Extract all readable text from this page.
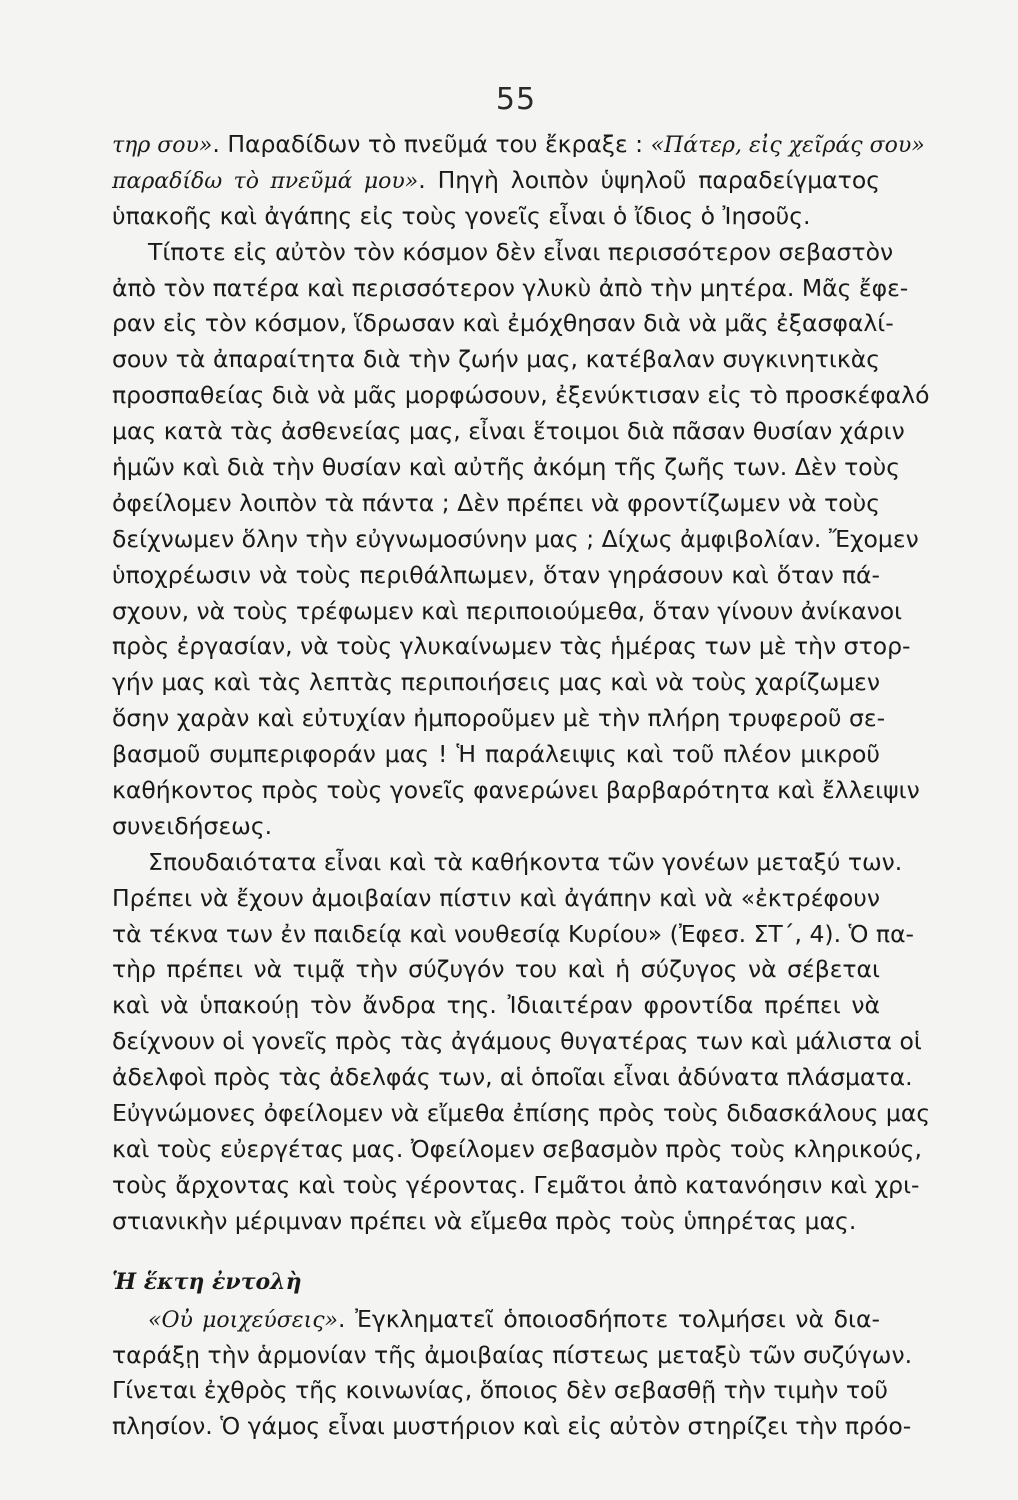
55
τηρ σου». Παραδίδων τὸ πνεῦμά του ἔκραξε : «Πάτερ, εἰς χεῖράς σου»
παραδίδω τὸ πνεῦμά μου». Πηγὴ λοιπὸν ὑψηλοῦ παραδείγματος
ὑπακοῆς καὶ ἀγάπης εἰς τοὺς γονεῖς εἶναι ὁ ἴδιος ὁ Ἰησοῦς.
Τίποτε εἰς αὐτὸν τὸν κόσμον δὲν εἶναι περισσότερον σεβαστὸν
ἀπὸ τὸν πατέρα καὶ περισσότερον γλυκὺ ἀπὸ τὴν μητέρα. Μᾶς ἔφε-
ραν εἰς τὸν κόσμον, ἵδρωσαν καὶ ἐμόχθησαν διὰ νὰ μᾶς ἐξασφαλί-
σουν τὰ ἀπαραίτητα διὰ τὴν ζωήν μας, κατέβαλαν συγκινητικὰς
προσπαθείας διὰ νὰ μᾶς μορφώσουν, ἐξενύκτισαν εἰς τὸ προσκέφαλό
μας κατὰ τὰς ἀσθενείας μας, εἶναι ἕτοιμοι διὰ πᾶσαν θυσίαν χάριν
ἡμῶν καὶ διὰ τὴν θυσίαν καὶ αὐτῆς ἀκόμη τῆς ζωῆς των. Δὲν τοὺς
ὀφείλομεν λοιπὸν τὰ πάντα ; Δὲν πρέπει νὰ φροντίζωμεν νὰ τοὺς
δείχνωμεν ὅλην τὴν εὐγνωμοσύνην μας ; Δίχως ἀμφιβολίαν. Ἔχομεν
ὑποχρέωσιν νὰ τοὺς περιθάλπωμεν, ὅταν γηράσουν καὶ ὅταν πά-
σχουν, νὰ τοὺς τρέφωμεν καὶ περιποιούμεθα, ὅταν γίνουν ἀνίκανοι
πρὸς ἐργασίαν, νὰ τοὺς γλυκαίνωμεν τὰς ἡμέρας των μὲ τὴν στορ-
γήν μας καὶ τὰς λεπτὰς περιποιήσεις μας καὶ νὰ τοὺς χαρίζωμεν
ὅσην χαρὰν καὶ εὐτυχίαν ἠμποροῦμεν μὲ τὴν πλήρη τρυφεροῦ σε-
βασμοῦ συμπεριφοράν μας ! Ἡ παράλειψις καὶ τοῦ πλέον μικροῦ
καθήκοντος πρὸς τοὺς γονεῖς φανερώνει βαρβαρότητα καὶ ἔλλειψιν
συνειδήσεως.
Σπουδαιότατα εἶναι καὶ τὰ καθήκοντα τῶν γονέων μεταξύ των.
Πρέπει νὰ ἔχουν ἀμοιβαίαν πίστιν καὶ ἀγάπην καὶ νὰ «ἐκτρέφουν
τὰ τέκνα των ἐν παιδείᾳ καὶ νουθεσίᾳ Κυρίου» (Ἐφεσ. ΣΤ΄, 4). Ὁ πα-
τὴρ πρέπει νὰ τιμᾷ τὴν σύζυγόν του καὶ ἡ σύζυγος νὰ σέβεται
καὶ νὰ ὑπακούῃ τὸν ἄνδρα της. Ἰδιαιτέραν φροντίδα πρέπει νὰ
δείχνουν οἱ γονεῖς πρὸς τὰς ἀγάμους θυγατέρας των καὶ μάλιστα οἱ
ἀδελφοὶ πρὸς τὰς ἀδελφάς των, αἱ ὁποῖαι εἶναι ἀδύνατα πλάσματα.
Εὐγνώμονες ὀφείλομεν νὰ εἴμεθα ἐπίσης πρὸς τοὺς διδασκάλους μας
καὶ τοὺς εὐεργέτας μας. Ὀφείλομεν σεβασμὸν πρὸς τοὺς κληρικούς,
τοὺς ἄρχοντας καὶ τοὺς γέροντας. Γεμᾶτοι ἀπὸ κατανόησιν καὶ χρι-
στιανικὴν μέριμναν πρέπει νὰ εἴμεθα πρὸς τοὺς ὑπηρέτας μας.
Ἡ ἕκτη ἐντολὴ
«Οὐ μοιχεύσεις». Ἐγκληματεῖ ὁποιοσδήποτε τολμήσει νὰ δια-
ταράξῃ τὴν ἁρμονίαν τῆς ἀμοιβαίας πίστεως μεταξὺ τῶν συζύγων.
Γίνεται ἐχθρὸς τῆς κοινωνίας, ὅποιος δὲν σεβασθῇ τὴν τιμὴν τοῦ
πλησίον. Ὁ γάμος εἶναι μυστήριον καὶ εἰς αὐτὸν στηρίζει τὴν πρόο-
